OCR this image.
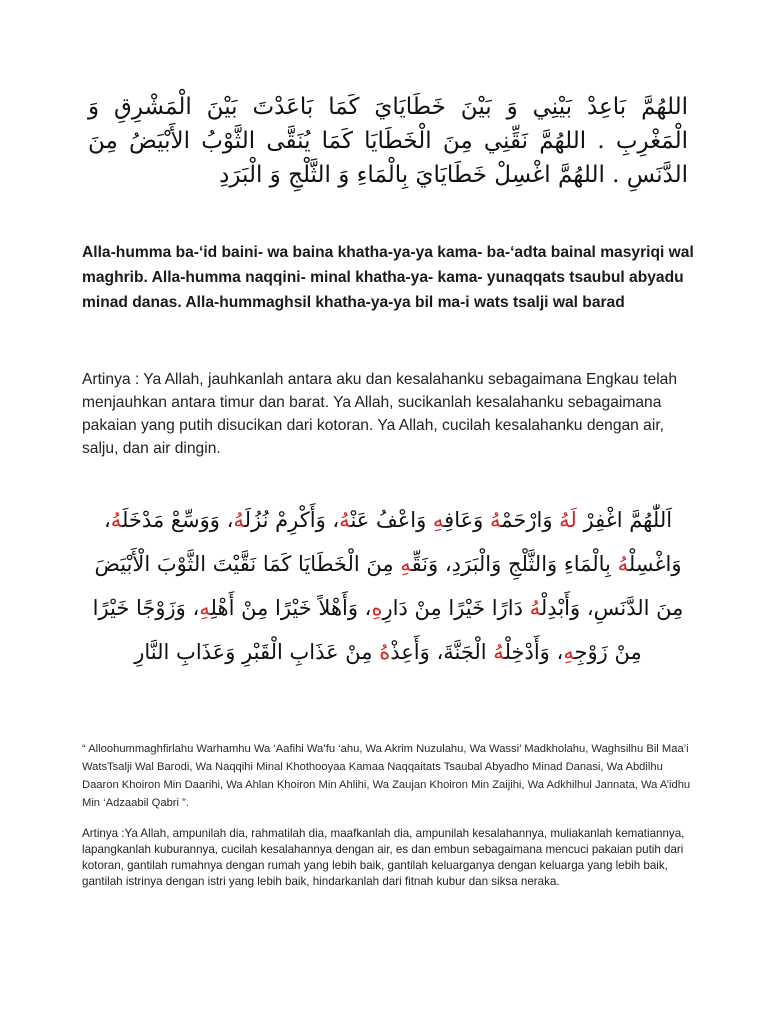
اللهُمَّ بَاعِدْ بَيْنِي وَ بَيْنَ خَطَايَايَ كَمَا بَاعَدْتَ بَيْنَ الْمَشْرِقِ وَ الْمَغْرِبِ . اللهُمَّ نَقِّنِي مِنَ الْخَطَايَا كَمَا يُنَقَّى الثَّوْبُ الأَبْيَضُ مِنَ الدَّنَسِ . اللهُمَّ اغْسِلْ خَطَايَايَ بِالْمَاءِ وَ الثَّلْجِ وَ الْبَرَدِ
Alla-humma ba-‘id baini- wa baina khatha-ya-ya kama- ba-‘adta bainal masyriqi wal maghrib. Alla-humma naqqini- minal khatha-ya- kama- yunaqqats tsaubul abyadu minad danas. Alla-hummaghsil khatha-ya-ya bil ma-i wats tsalji wal barad
Artinya : Ya Allah, jauhkanlah antara aku dan kesalahanku sebagaimana Engkau telah menjauhkan antara timur dan barat. Ya Allah, sucikanlah kesalahanku sebagaimana pakaian yang putih disucikan dari kotoran. Ya Allah, cucilah kesalahanku dengan air, salju, dan air dingin.
اَللّٰهُمَّ اغْفِرْ لَهُ وَارْحَمْهُ وَعَافِهِ وَاعْفُ عَنْهُ، وَأَكْرِمْ نُزُلَهُ، وَوَسِّعْ مَدْخَلَهُ، وَاغْسِلْهُ بِالْمَاءِ وَالثَّلْجِ وَالْبَرَدِ، وَنَقِّهِ مِنَ الْخَطَايَا كَمَا نَقَّيْتَ الثَّوْبَ الْأَبْيَضَ مِنَ الدَّنَسِ، وَأَبْدِلْهُ دَارًا خَيْرًا مِنْ دَارِهِ، وَأَهْلاً خَيْرًا مِنْ أَهْلِهِ، وَزَوْجًا خَيْرًا مِنْ زَوْجِهِ، وَأَدْخِلْهُ الْجَنَّةَ، وَأَعِذْهُ مِنْ عَذَابِ الْقَبْرِ وَعَذَابِ النَّارِ
“ Alloohummaghfirlahu Warhamhu Wa ‘Aafihi Wa’fu ‘ahu, Wa Akrim Nuzulahu, Wa Wassi’ Madkholahu, Waghsilhu Bil Maa’i WatsTsalji Wal Barodi, Wa Naqqihi Minal Khothooyaa Kamaa Naqqaitats Tsaubal Abyadho Minad Danasi, Wa Abdilhu Daaron Khoiron Min Daarihi, Wa Ahlan Khoiron Min Ahlihi, Wa Zaujan Khoiron Min Zaijihi, Wa Adkhilhul Jannata, Wa A’idhu Min ‘Adzaabil Qabri ”.
Artinya :Ya Allah, ampunilah dia, rahmatilah dia, maafkanlah dia, ampunilah kesalahannya, muliakanlah kematiannya, lapangkanlah kuburannya, cucilah kesalahannya dengan air, es dan embun sebagaimana mencuci pakaian putih dari kotoran, gantilah rumahnya dengan rumah yang lebih baik, gantilah keluarganya dengan keluarga yang lebih baik, gantilah istrinya dengan istri yang lebih baik, hindarkanlah dari fitnah kubur dan siksa neraka.
